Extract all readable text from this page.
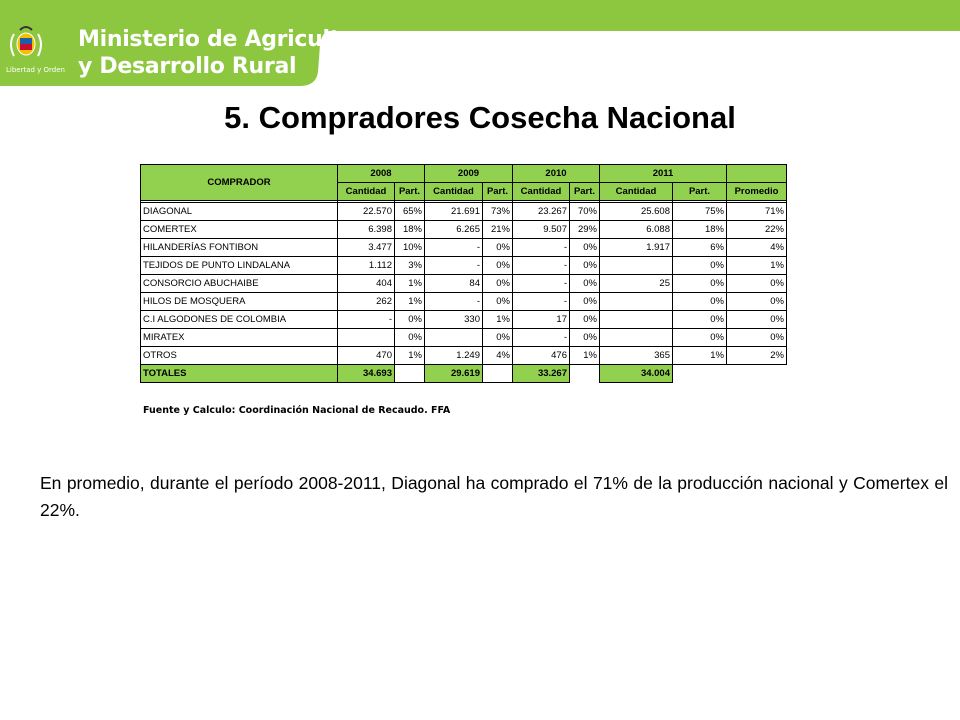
Ministerio de Agricultura
y Desarrollo Rural
Libertad y Orden
5. Compradores Cosecha Nacional
COMPRADOR	2008		2009		2010		2011		
	Cantidad	Part.	Cantidad	Part.	Cantidad	Part.	Cantidad	Part.	Promedio

DIAGONAL	22.570	65%	21.691	73%	23.267	70%	25.608	75%	71%
COMERTEX	6.398	18%	6.265	21%	9.507	29%	6.088	18%	22%
HILANDERÍAS FONTIBON	3.477	10%	-	0%	-	0%	1.917	6%	4%
TEJIDOS DE PUNTO LINDALANA	1.112	3%	-	0%	-	0%		0%	1%
CONSORCIO ABUCHAIBE	404	1%	84	0%	-	0%	25	0%	0%
HILOS DE MOSQUERA	262	1%	-	0%	-	0%		0%	0%
C.I ALGODONES DE COLOMBIA	-	0%	330	1%	17	0%		0%	0%
MIRATEX		0%		0%	-	0%		0%	0%
OTROS	470	1%	1.249	4%	476	1%	365	1%	2%
TOTALES	34.693		29.619		33.267		34.004		
Fuente y Calculo: Coordinación Nacional de Recaudo. FFA
En promedio, durante el período 2008-2011, Diagonal ha comprado el 71% de la producción nacional y Comertex el 22%.
